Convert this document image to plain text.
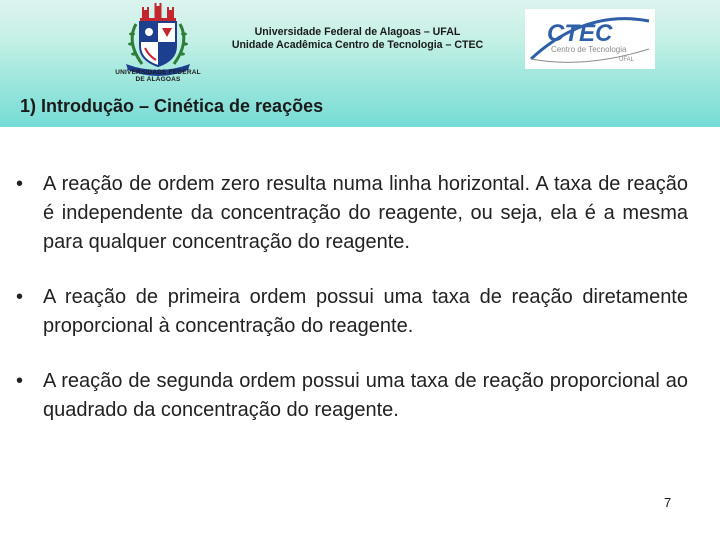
UNIVERSIDADE FEDERAL
DE ALAGOAS
Universidade Federal de Alagoas – UFAL
Unidade Acadêmica Centro de Tecnologia – CTEC	CTEC
Centro de Tecnologia
UFAL
1) Introdução – Cinética de reações
• A reação de ordem zero resulta numa linha horizontal. A taxa de reação é independente da concentração do reagente, ou seja, ela é a mesma para qualquer concentração do reagente.
• A reação de primeira ordem possui uma taxa de reação diretamente proporcional à concentração do reagente.
• A reação de segunda ordem possui uma taxa de reação proporcional ao quadrado da concentração do reagente.
7
